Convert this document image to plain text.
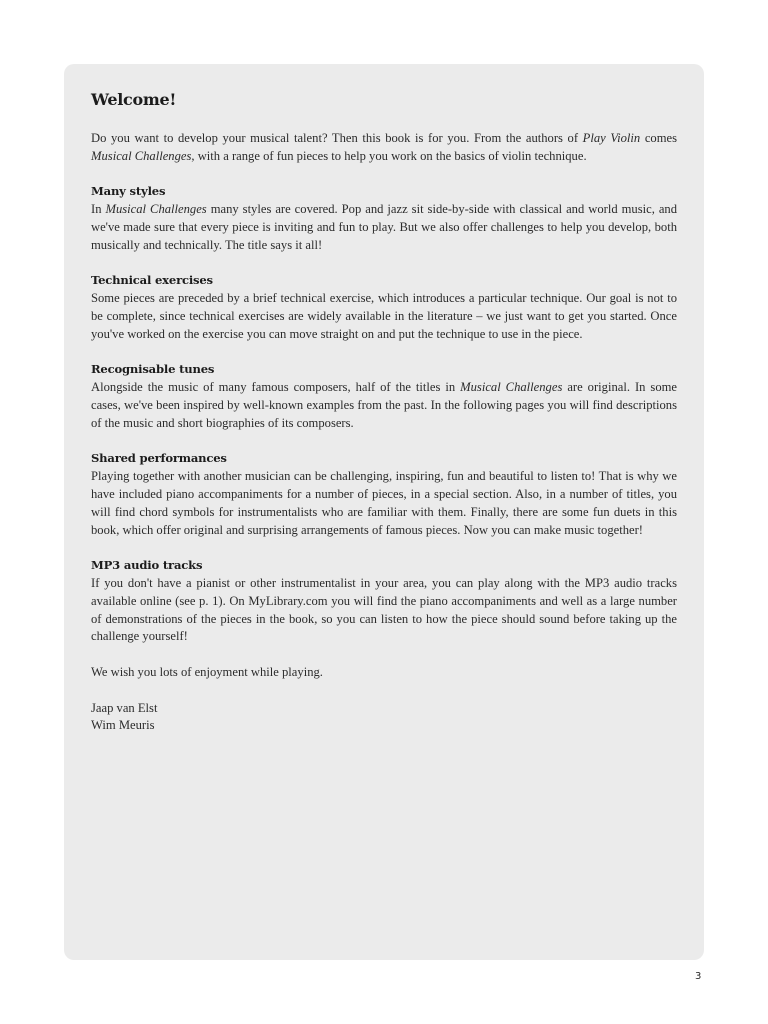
Welcome!

Do you want to develop your musical talent? Then this book is for you. From the authors of Play Violin comes Musical Challenges, with a range of fun pieces to help you work on the basics of violin technique.

Many styles

In Musical Challenges many styles are covered. Pop and jazz sit side-by-side with classical and world music, and we've made sure that every piece is inviting and fun to play. But we also offer challenges to help you develop, both musically and technically. The title says it all!

Technical exercises

Some pieces are preceded by a brief technical exercise, which introduces a particular technique. Our goal is not to be complete, since technical exercises are widely available in the literature – we just want to get you started. Once you've worked on the exercise you can move straight on and put the technique to use in the piece.

Recognisable tunes

Alongside the music of many famous composers, half of the titles in Musical Challenges are original. In some cases, we've been inspired by well-known examples from the past. In the following pages you will find descriptions of the music and short biographies of its composers.

Shared performances

Playing together with another musician can be challenging, inspiring, fun and beautiful to listen to! That is why we have included piano accompaniments for a number of pieces, in a special section. Also, in a number of titles, you will find chord symbols for instrumentalists who are familiar with them. Finally, there are some fun duets in this book, which offer original and surprising arrangements of famous pieces. Now you can make music together!

MP3 audio tracks

If you don't have a pianist or other instrumentalist in your area, you can play along with the MP3 audio tracks available online (see p. 1). On MyLibrary.com you will find the piano accompaniments and well as a large number of demonstrations of the pieces in the book, so you can listen to how the piece should sound before taking up the challenge yourself!

We wish you lots of enjoyment while playing.

Jaap van Elst

Wim Meuris

3
